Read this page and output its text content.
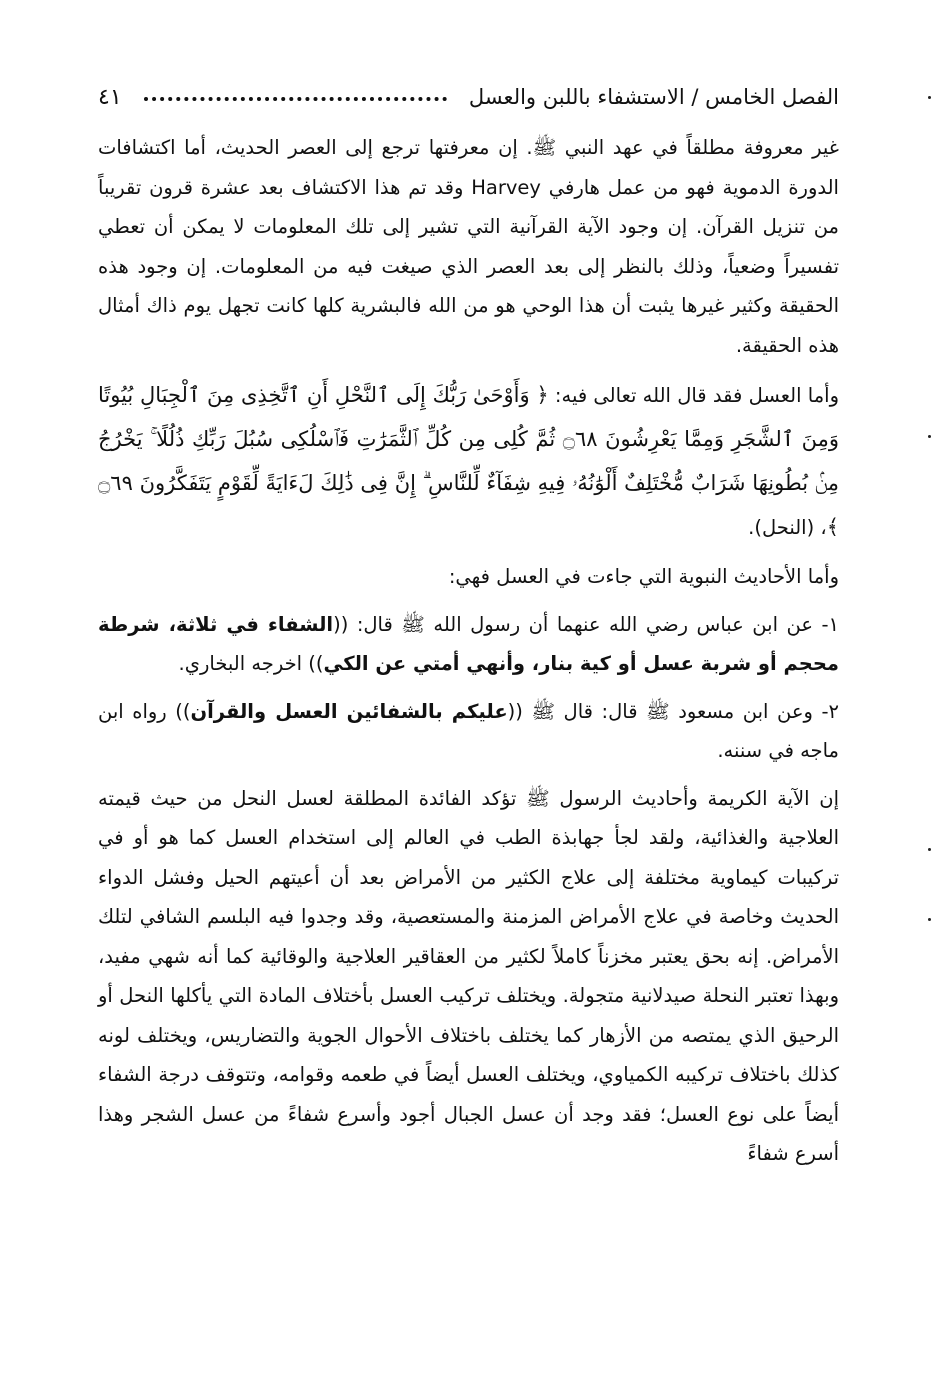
الفصل الخامس / الاستشفاء باللبن والعسل
٤١

غير معروفة مطلقاً في عهد النبي ﷺ. إن معرفتها ترجع إلى العصر الحديث، أما اكتشافات الدورة الدموية فهو من عمل هارفي Harvey وقد تم هذا الاكتشاف بعد عشرة قرون تقريباً من تنزيل القرآن. إن وجود الآية القرآنية التي تشير إلى تلك المعلومات لا يمكن أن تعطي تفسيراً وضعياً، وذلك بالنظر إلى بعد العصر الذي صيغت فيه من المعلومات. إن وجود هذه الحقيقة وكثير غيرها يثبت أن هذا الوحي هو من الله فالبشرية كلها كانت تجهل يوم ذاك أمثال هذه الحقيقة.

وأما العسل فقد قال الله تعالى فيه: ﴿ وَأَوْحَىٰ رَبُّكَ إِلَى ٱلنَّحْلِ أَنِ ٱتَّخِذِى مِنَ ٱلْجِبَالِ بُيُوتًا وَمِنَ ٱلشَّجَرِ وَمِمَّا يَعْرِشُونَ ۝٦٨ ثُمَّ كُلِى مِن كُلِّ ٱلثَّمَرَٰتِ فَٱسْلُكِى سُبُلَ رَبِّكِ ذُلُلًا ۚ يَخْرُجُ مِنۢ بُطُونِهَا شَرَابٌ مُّخْتَلِفٌ أَلْوَٰنُهُۥ فِيهِ شِفَآءٌ لِّلنَّاسِ ۗ إِنَّ فِى ذَٰلِكَ لَءَايَةً لِّقَوْمٍ يَتَفَكَّرُونَ ۝٦٩ ﴾، (النحل).

وأما الأحاديث النبوية التي جاءت في العسل فهي:

١- عن ابن عباس رضي الله عنهما أن رسول الله ﷺ قال: ((الشفاء في ثلاثة، شرطة محجم أو شربة عسل أو كية بنار، وأنهي أمتي عن الكي)) اخرجه البخاري.

٢- وعن ابن مسعود ﷺ قال: قال ﷺ ((عليكم بالشفائين العسل والقرآن)) رواه ابن ماجه في سننه.

إن الآية الكريمة وأحاديث الرسول ﷺ تؤكد الفائدة المطلقة لعسل النحل من حيث قيمته العلاجية والغذائية، ولقد لجأ جهابذة الطب في العالم إلى استخدام العسل كما هو أو في تركيبات كيماوية مختلفة إلى علاج الكثير من الأمراض بعد أن أعيتهم الحيل وفشل الدواء الحديث وخاصة في علاج الأمراض المزمنة والمستعصية، وقد وجدوا فيه البلسم الشافي لتلك الأمراض. إنه بحق يعتبر مخزناً كاملاً لكثير من العقاقير العلاجية والوقائية كما أنه شهي مفيد، وبهذا تعتبر النحلة صيدلانية متجولة. ويختلف تركيب العسل بأختلاف المادة التي يأكلها النحل أو الرحيق الذي يمتصه من الأزهار كما يختلف باختلاف الأحوال الجوية والتضاريس، ويختلف لونه كذلك باختلاف تركيبه الكمياوي، ويختلف العسل أيضاً في طعمه وقوامه، وتتوقف درجة الشفاء أيضاً على نوع العسل؛ فقد وجد أن عسل الجبال أجود وأسرع شفاءً من عسل الشجر وهذا أسرع شفاءً
